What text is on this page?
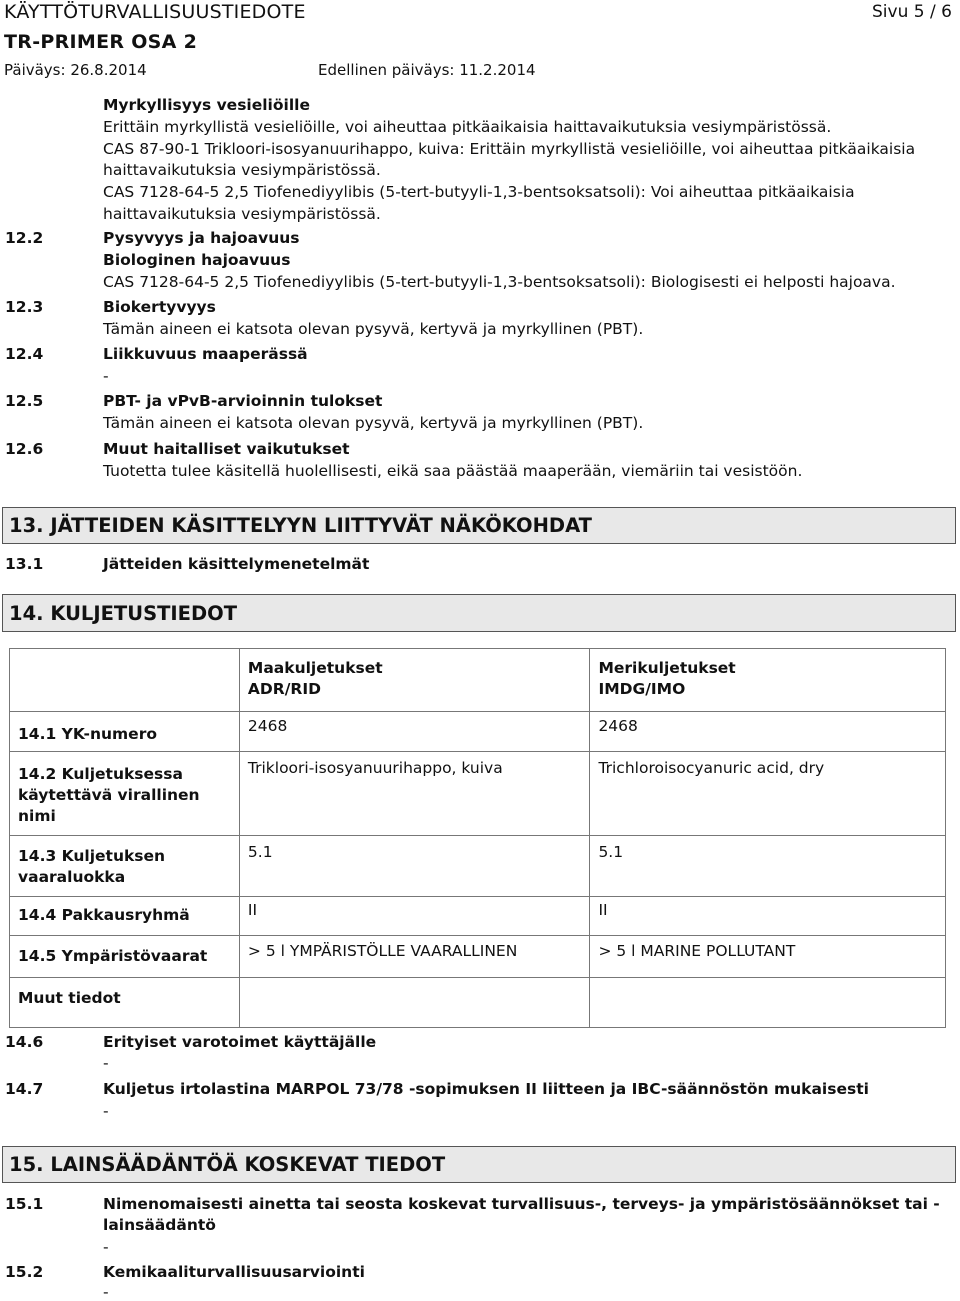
KÄYTTÖTURVALLISUUSTIEDOTE	Sivu 5 / 6
TR-PRIMER OSA 2
Päiväys: 26.8.2014	Edellinen päiväys: 11.2.2014
Myrkyllisyys vesieliöille
Erittäin myrkyllistä vesieliöille, voi aiheuttaa pitkäaikaisia haittavaikutuksia vesiympäristössä.
CAS 87-90-1 Trikloori-isosyanuurihappo, kuiva: Erittäin myrkyllistä vesieliöille, voi aiheuttaa pitkäaikaisia
haittavaikutuksia vesiympäristössä.
CAS 7128-64-5 2,5 Tiofenediyylibis (5-tert-butyyli-1,3-bentsoksatsoli): Voi aiheuttaa pitkäaikaisia
haittavaikutuksia vesiympäristössä.
12.2	Pysyvyys ja hajoavuus
Biologinen hajoavuus
CAS 7128-64-5 2,5 Tiofenediyylibis (5-tert-butyyli-1,3-bentsoksatsoli): Biologisesti ei helposti hajoava.
12.3	Biokertyvyys
Tämän aineen ei katsota olevan pysyvä, kertyvä ja myrkyllinen (PBT).
12.4	Liikkuvuus maaperässä
-
12.5	PBT- ja vPvB-arvioinnin tulokset
Tämän aineen ei katsota olevan pysyvä, kertyvä ja myrkyllinen (PBT).
12.6	Muut haitalliset vaikutukset
Tuotetta tulee käsitellä huolellisesti, eikä saa päästää maaperään, viemäriin tai vesistöön.
13. JÄTTEIDEN KÄSITTELYYN LIITTYVÄT NÄKÖKOHDAT
13.1	Jätteiden käsittelymenetelmät
14. KULJETUSTIEDOT

	Maakuljetukset ADR/RID	Merikuljetukset IMDG/IMO

14.1 YK-numero	2468	2468

14.2 Kuljetuksessa käytettävä virallinen nimi	Trikloori-isosyanuurihappo, kuiva	Trichloroisocyanuric acid, dry

14.3 Kuljetuksen vaaraluokka	5.1	5.1

14.4 Pakkausryhmä	II	II

14.5 Ympäristövaarat	> 5 l YMPÄRISTÖLLE VAARALLINEN	> 5 l MARINE POLLUTANT

Muut tiedot		

14.6	Erityiset varotoimet käyttäjälle
-
14.7	Kuljetus irtolastina MARPOL 73/78 -sopimuksen II liitteen ja IBC-säännöstön mukaisesti
-
15. LAINSÄÄDÄNTÖÄ KOSKEVAT TIEDOT
15.1	Nimenomaisesti ainetta tai seosta koskevat turvallisuus-, terveys- ja ympäristösäännökset tai -
lainsäädäntö
-
15.2	Kemikaaliturvallisuusarviointi
-
